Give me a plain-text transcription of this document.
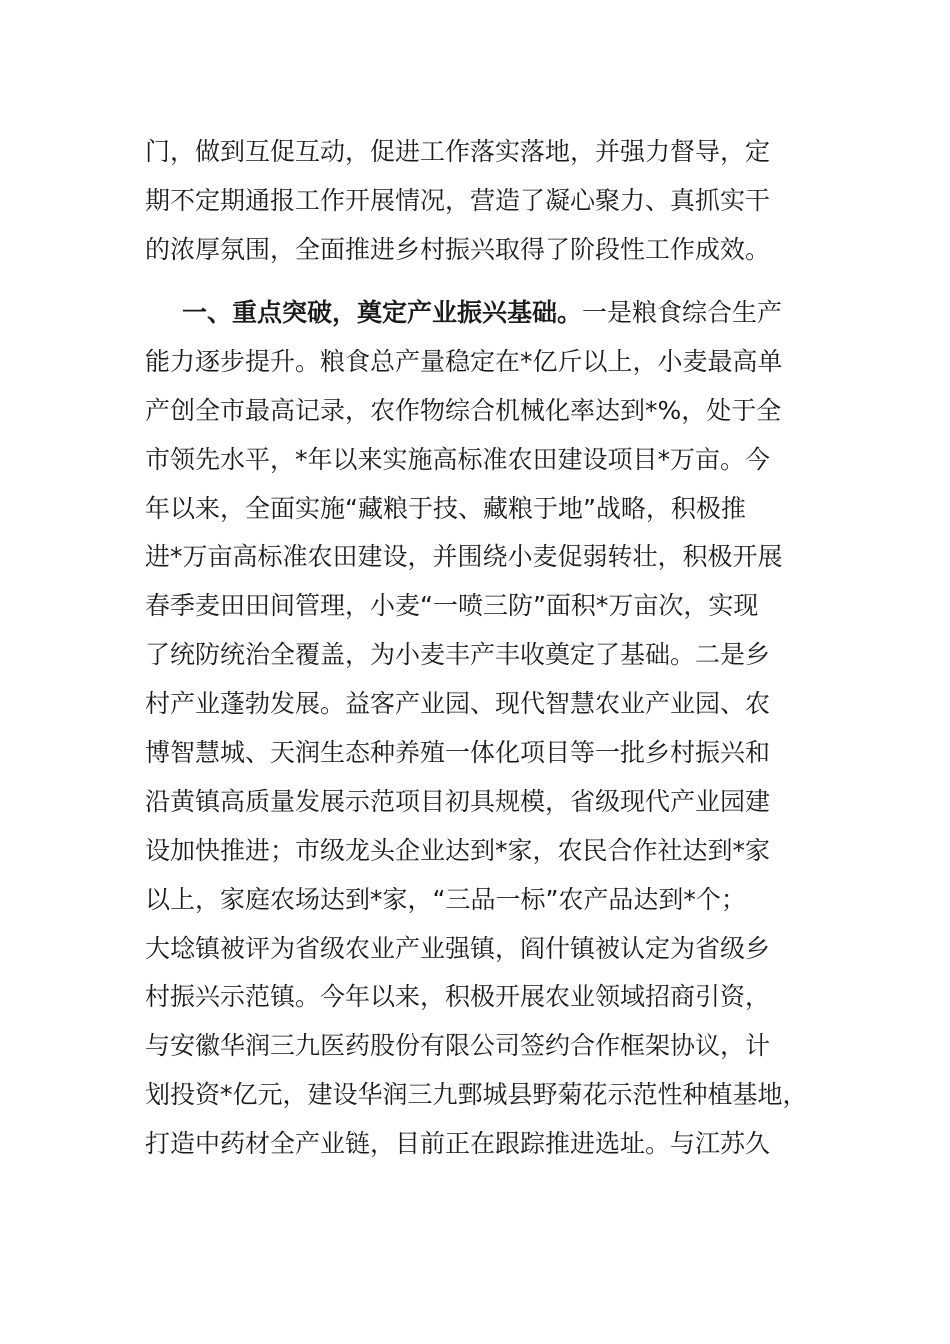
门，做到互促互动，促进工作落实落地，并强力督导，定
期不定期通报工作开展情况，营造了凝心聚力、真抓实干
的浓厚氛围，全面推进乡村振兴取得了阶段性工作成效。
一、重点突破，奠定产业振兴基础。一是粮食综合生产
能力逐步提升。粮食总产量稳定在*亿斤以上，小麦最高单
产创全市最高记录，农作物综合机械化率达到*%，处于全
市领先水平，*年以来实施高标准农田建设项目*万亩。今
年以来，全面实施“藏粮于技、藏粮于地”战略，积极推
进*万亩高标准农田建设，并围绕小麦促弱转壮，积极开展
春季麦田田间管理，小麦“一喷三防”面积*万亩次，实现
了统防统治全覆盖，为小麦丰产丰收奠定了基础。二是乡
村产业蓬勃发展。益客产业园、现代智慧农业产业园、农
博智慧城、天润生态种养殖一体化项目等一批乡村振兴和
沿黄镇高质量发展示范项目初具规模，省级现代产业园建
设加快推进；市级龙头企业达到*家，农民合作社达到*家
以上，家庭农场达到*家，“三品一标”农产品达到*个；
大埝镇被评为省级农业产业强镇，阎什镇被认定为省级乡
村振兴示范镇。今年以来，积极开展农业领域招商引资，
与安徽华润三九医药股份有限公司签约合作框架协议，计
划投资*亿元，建设华润三九鄄城县野菊花示范性种植基地，
打造中药材全产业链，目前正在跟踪推进选址。与江苏久
